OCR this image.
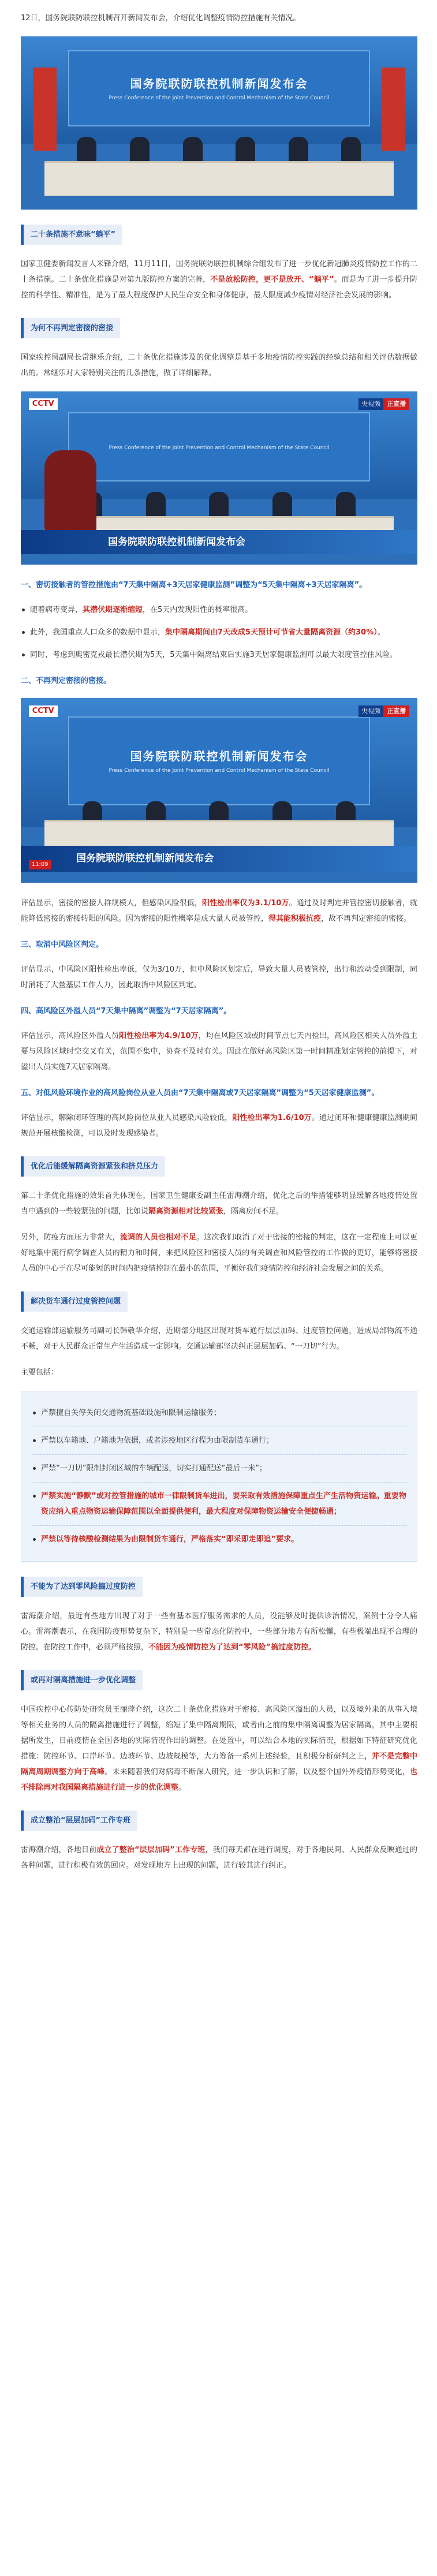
12日，国务院联防联控机制召开新闻发布会，介绍优化调整疫情防控措施有关情况。

国务院联防联控机制新闻发布会
Press Conference of the Joint Prevention and Control Mechanism of the State Council
二十条措施不意味“躺平”

国家卫健委新闻发言人米锋介绍，11月11日，国务院联防联控机制综合组发布了进一步优化新冠肺炎疫情防控工作的二十条措施。二十条优化措施是对第九版防控方案的完善，不是放松防控，更不是放开、“躺平”。而是为了进一步提升防控的科学性、精准性，是为了最大程度保护人民生命安全和身体健康，最大限度减少疫情对经济社会发展的影响。

为何不再判定密接的密接

国家疾控局副局长常继乐介绍，二十条优化措施涉及的优化调整是基于多地疫情防控实践的经验总结和相关评估数据做出的。常继乐对大家特别关注的几条措施，做了详细解释。

Press Conference of the Joint Prevention and Control Mechanism of the State Council
CCTV	央视频	正直播
国务院联防联控机制新闻发布会
一、密切接触者的管控措施由“7天集中隔离+3天居家健康监测”调整为“5天集中隔离+3天居家隔离”。
随着病毒变异，其潜伏期逐渐缩短，在5天内发现阳性的概率很高。
此外，我国重点人口众多的数据中显示，集中隔离期间由7天改成5天预计可节省大量隔离资源（约30%）。
同时，考虑到奥密克戎最长潜伏期为5天，5天集中隔离结束后实施3天居家健康监测可以最大限度管控住风险。
二、不再判定密接的密接。
国务院联防联控机制新闻发布会
Press Conference of the Joint Prevention and Control Mechanism of the State Council
CCTV	央视频	正直播
国务院联防联控机制新闻发布会
11:09

评估显示，密接的密接人群规模大，但感染风险很低，阳性检出率仅为3.1/10万。通过及时判定并管控密切接触者，就能降低密接的密接转阳的风险。因为密接的阳性概率是成大量人员被管控，得其能积极抗疫，故不再判定密接的密接。

三、取消中风险区判定。

评估显示，中风险区阳性检出率低，仅为3/10万，但中风险区划定后，导致大量人员被管控，出行和流动受到限制，同时消耗了大量基层工作人力，因此取消中风险区判定。

四、高风险区外溢人员“7天集中隔离”调整为“7天居家隔离”。

评估显示，高风险区外溢人员阳性检出率为4.9/10万，均在风险区域或时间节点七天内检出，高风险区相关人员外溢主要与风险区域时空交叉有关，范围不集中，协查不及时有关。因此在做好高风险区第一时间精准划定管控的前提下，对溢出人员实施7天居家隔离。

五、对低风险环境作业的高风险岗位从业人员由“7天集中隔离或7天居家隔离”调整为“5天居家健康监测”。

评估显示，解除闭环管理的高风险岗位从业人员感染风险较低，阳性检出率为1.6/10万。通过闭环和健康健康监测期间规范开展核酸检测，可以及时发现感染者。

优化后能缓解隔离资源紧张和挤兑压力

第二十条优化措施的效果首先体现在，国家卫生健康委副主任雷海潮介绍，优化之后的举措能够明显缓解各地疫情处置当中遇到的一些较紧张的问题，比如说隔离资源相对比较紧张，隔离房间不足。

另外，防疫方面压力非常大，流调的人员也相对不足。这次我们取消了对于密接的密接的判定，这在一定程度上可以更好地集中流行病学调查人员的精力和时间，来把风险区和密接人员的有关调查和风险管控的工作做的更好，能够将密接人员的中心于在尽可能短的时间内把疫情控制在最小的范围，平衡好我们疫情防控和经济社会发展之间的关系。

解决货车通行过度管控问题

交通运输部运输服务司副司长韩敬华介绍，近期部分地区出现对货车通行层层加码、过度管控问题，造成局部物流不通不畅，对于人民群众正常生产生活造成一定影响。交通运输部坚决纠正层层加码、“一刀切”行为。

主要包括：

严禁擅自关停关闭交通物流基础设施和限制运输服务；
严禁以车籍地、户籍地为依据，或者涉疫地区行程为由限制货车通行；
严禁“一刀切”限制封闭区域的车辆配送，切实打通配送“最后一米”；
严禁实施“静默”或对控管措施的城市一律限制货车进出，要采取有效措施保障重点生产生活物资运输。重要物资应纳入重点物资运输保障范围以全面提供便利，最大程度对保障物资运输安全便捷畅通；
严禁以等待核酸检测结果为由限制货车通行，严格落实“即采即走即追”要求。
不能为了达到零风险搞过度防控

雷海潮介绍，最近有些地方出现了对于一些有基本医疗服务需求的人员，没能够及时提供诊治情况，案例十分令人痛心。雷海潮表示，在我国防疫形势复杂下，特别是一些常态化防控中，一些部分地方有所松懈，有些极端出现不合理的防控。在防控工作中，必须严格按照，不能因为疫情防控为了达到“零风险”搞过度防控。

或再对隔离措施进一步优化调整

中国疾控中心传防处研究员王丽萍介绍，这次二十条优化措施对于密接、高风险区溢出的人员，以及境外来的从事入境等相关业务的人员的隔离措施进行了调整，缩短了集中隔离期限，或者由之前的集中隔离调整为居家隔离，其中主要根据所发生，目前疫情在全国各地的实际情况作出的调整。在处置中，可以结合本地的实际情况，根据如下特征研究优化措施：防控环节、口岸环节、边坡环节、边坡规模等，大力筹备一系列上述经验，且积极分析研判之上，并不是完整中隔离周期调整方向于高峰。未来随着我们对病毒不断深入研究，进一步认识和了解，以及整个国外外疫情形势变化，也不排除再对我国隔离措施进行进一步的优化调整。

成立整治“层层加码”工作专班

雷海潮介绍，各地日前成立了整治“层层加码”工作专班，我们每天都在进行调度，对于各地民间、人民群众反映通过的各种问题，进行积极有效的回应。对发现地方上出现的问题，进行较其进行纠正。
